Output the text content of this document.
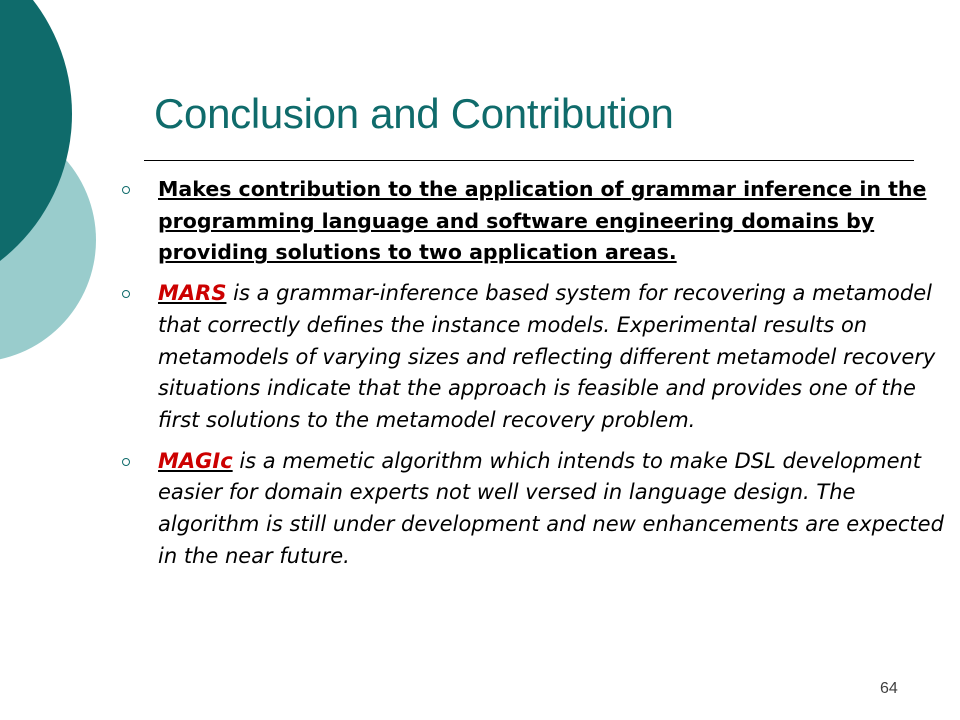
Conclusion and Contribution
Makes contribution to the application of grammar inference in the programming language and software engineering domains by providing solutions to two application areas.
MARS is a grammar-inference based system for recovering a metamodel that correctly defines the instance models. Experimental results on metamodels of varying sizes and reflecting different metamodel recovery situations indicate that the approach is feasible and provides one of the first solutions to the metamodel recovery problem.
MAGIc is a memetic algorithm which intends to make DSL development easier for domain experts not well versed in language design. The algorithm is still under development and new enhancements are expected in the near future.
64
